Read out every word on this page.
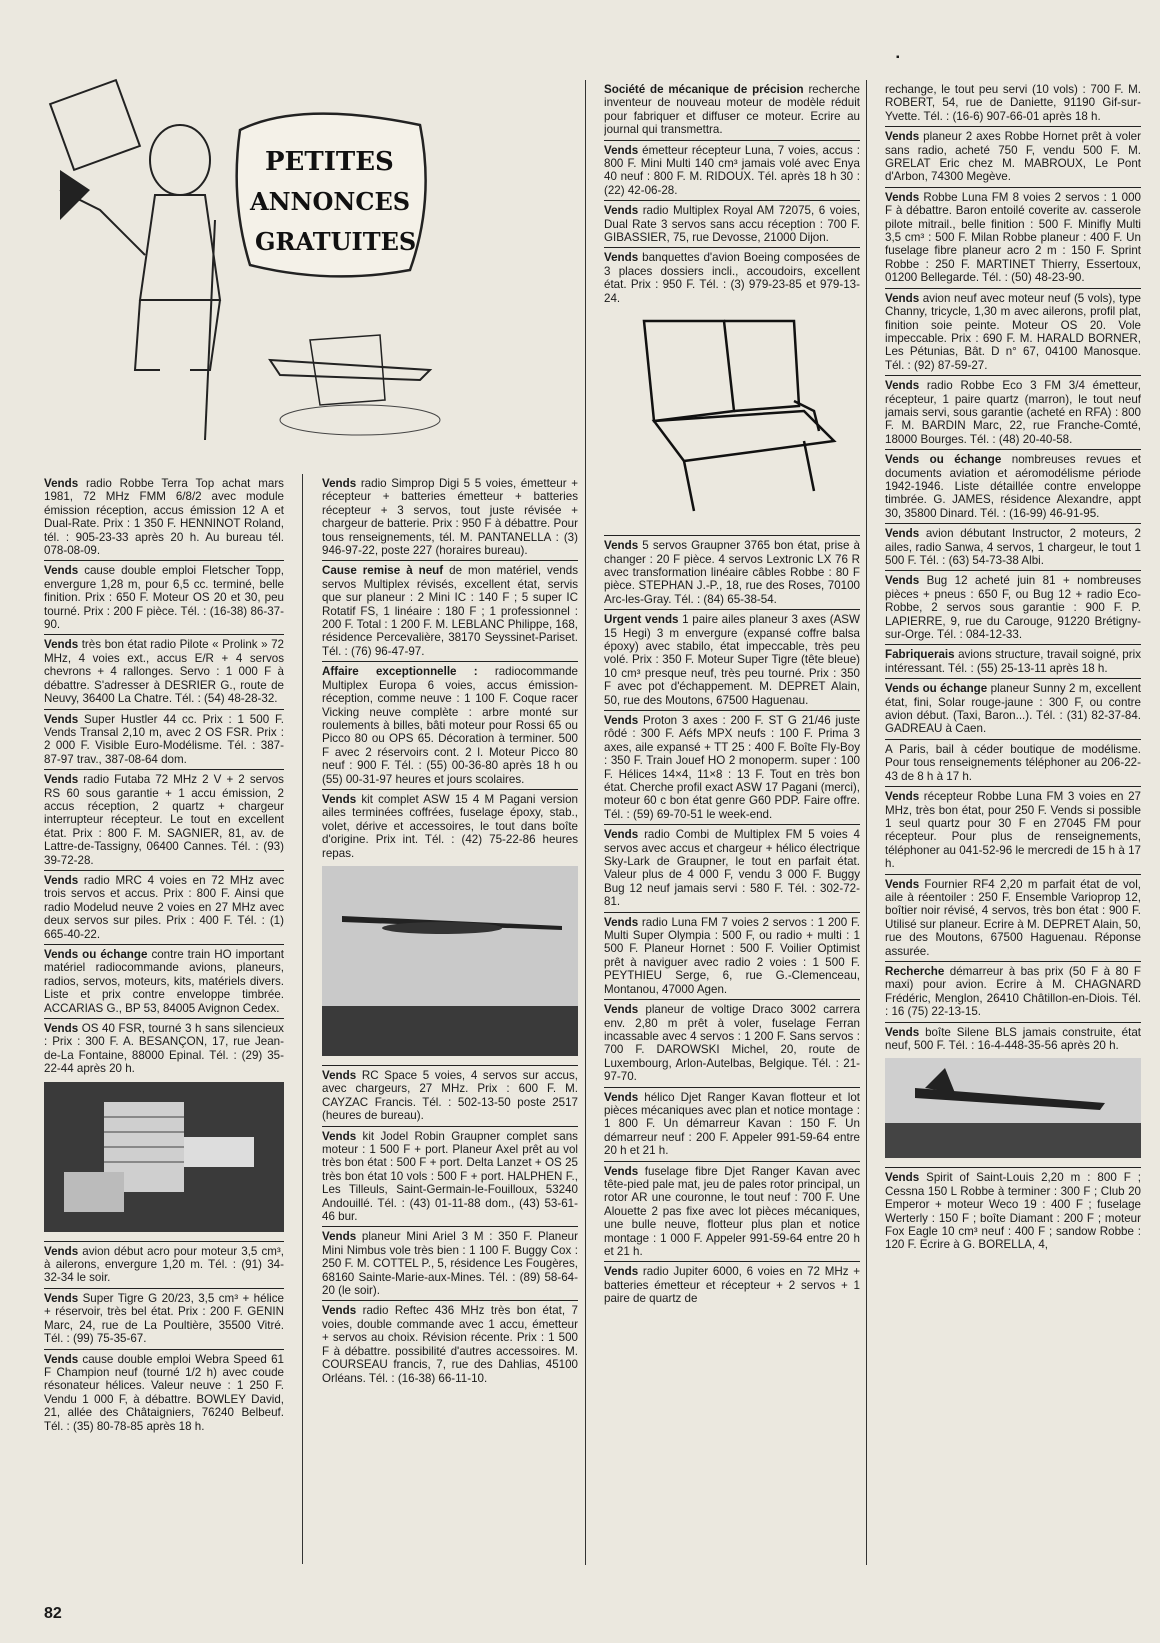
PETITES
ANNONCES
GRATUITES
Vends radio Robbe Terra Top achat mars 1981, 72 MHz FMM 6/8/2 avec module émission réception, accus émission 12 A et Dual-Rate. Prix : 1 350 F. HENNINOT Roland, tél. : 905-23-33 après 20 h. Au bureau tél. 078-08-09.
Vends cause double emploi Fletscher Topp, envergure 1,28 m, pour 6,5 cc. terminé, belle finition. Prix : 650 F. Moteur OS 20 et 30, peu tourné. Prix : 200 F pièce. Tél. : (16-38) 86-37-90.
Vends très bon état radio Pilote « Prolink » 72 MHz, 4 voies ext., accus E/R + 4 servos chevrons + 4 rallonges. Servo : 1 000 F à débattre. S'adresser à DESRIER G., route de Neuvy, 36400 La Chatre. Tél. : (54) 48-28-32.
Vends Super Hustler 44 cc. Prix : 1 500 F. Vends Transal 2,10 m, avec 2 OS FSR. Prix : 2 000 F. Visible Euro-Modélisme. Tél. : 387-87-97 trav., 387-08-64 dom.
Vends radio Futaba 72 MHz 2 V + 2 servos RS 60 sous garantie + 1 accu émission, 2 accus réception, 2 quartz + chargeur interrupteur récepteur. Le tout en excellent état. Prix : 800 F. M. SAGNIER, 81, av. de Lattre-de-Tassigny, 06400 Cannes. Tél. : (93) 39-72-28.
Vends radio MRC 4 voies en 72 MHz avec trois servos et accus. Prix : 800 F. Ainsi que radio Modelud neuve 2 voies en 27 MHz avec deux servos sur piles. Prix : 400 F. Tél. : (1) 665-40-22.
Vends ou échange contre train HO important matériel radiocommande avions, planeurs, radios, servos, moteurs, kits, matériels divers. Liste et prix contre enveloppe timbrée. ACCARIAS G., BP 53, 84005 Avignon Cedex.
Vends OS 40 FSR, tourné 3 h sans silencieux : Prix : 300 F. A. BESANÇON, 17, rue Jean-de-La Fontaine, 88000 Epinal. Tél. : (29) 35-22-44 après 20 h.
Vends avion début acro pour moteur 3,5 cm³, à ailerons, envergure 1,20 m. Tél. : (91) 34-32-34 le soir.
Vends Super Tigre G 20/23, 3,5 cm³ + hélice + réservoir, très bel état. Prix : 200 F. GENIN Marc, 24, rue de La Poultière, 35500 Vitré. Tél. : (99) 75-35-67.
Vends cause double emploi Webra Speed 61 F Champion neuf (tourné 1/2 h) avec coude résonateur hélices. Valeur neuve : 1 250 F. Vendu 1 000 F, à débattre. BOWLEY David, 21, allée des Châtaigniers, 76240 Belbeuf. Tél. : (35) 80-78-85 après 18 h.
Vends radio Simprop Digi 5 5 voies, émetteur + récepteur + batteries émetteur + batteries récepteur + 3 servos, tout juste révisée + chargeur de batterie. Prix : 950 F à débattre. Pour tous renseignements, tél. M. PANTANELLA : (3) 946-97-22, poste 227 (horaires bureau).
Cause remise à neuf de mon matériel, vends servos Multiplex révisés, excellent état, servis que sur planeur : 2 Mini IC : 140 F ; 5 super IC Rotatif FS, 1 linéaire : 180 F ; 1 professionnel : 200 F. Total : 1 200 F. M. LEBLANC Philippe, 168, résidence Percevalière, 38170 Seyssinet-Pariset. Tél. : (76) 96-47-97.
Affaire exceptionnelle : radiocommande Multiplex Europa 6 voies, accus émission-réception, comme neuve : 1 100 F. Coque racer Vicking neuve complète : arbre monté sur roulements à billes, bâti moteur pour Rossi 65 ou Picco 80 ou OPS 65. Décoration à terminer. 500 F avec 2 réservoirs cont. 2 l. Moteur Picco 80 neuf : 900 F. Tél. : (55) 00-36-80 après 18 h ou (55) 00-31-97 heures et jours scolaires.
Vends kit complet ASW 15 4 M Pagani version ailes terminées coffrées, fuselage époxy, stab., volet, dérive et accessoires, le tout dans boîte d'origine. Prix int. Tél. : (42) 75-22-86 heures repas.
Vends RC Space 5 voies, 4 servos sur accus, avec chargeurs, 27 MHz. Prix : 600 F. M. CAYZAC Francis. Tél. : 502-13-50 poste 2517 (heures de bureau).
Vends kit Jodel Robin Graupner complet sans moteur : 1 500 F + port. Planeur Axel prêt au vol très bon état : 500 F + port. Delta Lanzet + OS 25 très bon état 10 vols : 500 F + port. HALPHEN F., Les Tilleuls, Saint-Germain-le-Fouilloux, 53240 Andouillé. Tél. : (43) 01-11-88 dom., (43) 53-61-46 bur.
Vends planeur Mini Ariel 3 M : 350 F. Planeur Mini Nimbus vole très bien : 1 100 F. Buggy Cox : 250 F. M. COTTEL P., 5, résidence Les Fougères, 68160 Sainte-Marie-aux-Mines. Tél. : (89) 58-64-20 (le soir).
Vends radio Reftec 436 MHz très bon état, 7 voies, double commande avec 1 accu, émetteur + servos au choix. Révision récente. Prix : 1 500 F à débattre. possibilité d'autres accessoires. M. COURSEAU francis, 7, rue des Dahlias, 45100 Orléans. Tél. : (16-38) 66-11-10.
Société de mécanique de précision recherche inventeur de nouveau moteur de modèle réduit pour fabriquer et diffuser ce moteur. Ecrire au journal qui transmettra.
Vends émetteur récepteur Luna, 7 voies, accus : 800 F. Mini Multi 140 cm³ jamais volé avec Enya 40 neuf : 800 F. M. RIDOUX. Tél. après 18 h 30 : (22) 42-06-28.
Vends radio Multiplex Royal AM 72075, 6 voies, Dual Rate 3 servos sans accu réception : 700 F. GIBASSIER, 75, rue Devosse, 21000 Dijon.
Vends banquettes d'avion Boeing composées de 3 places dossiers incli., accoudoirs, excellent état. Prix : 950 F. Tél. : (3) 979-23-85 et 979-13-24.
Vends 5 servos Graupner 3765 bon état, prise à changer : 20 F pièce. 4 servos Lextronic LX 76 R avec transformation linéaire câbles Robbe : 80 F pièce. STEPHAN J.-P., 18, rue des Roses, 70100 Arc-les-Gray. Tél. : (84) 65-38-54.
Urgent vends 1 paire ailes planeur 3 axes (ASW 15 Hegi) 3 m envergure (expansé coffre balsa époxy) avec stabilo, état impeccable, très peu volé. Prix : 350 F. Moteur Super Tigre (tête bleue) 10 cm³ presque neuf, très peu tourné. Prix : 350 F avec pot d'échappement. M. DEPRET Alain, 50, rue des Moutons, 67500 Haguenau.
Vends Proton 3 axes : 200 F. ST G 21/46 juste rôdé : 300 F. Aéfs MPX neufs : 100 F. Prima 3 axes, aile expansé + TT 25 : 400 F. Boîte Fly-Boy : 350 F. Train Jouef HO 2 monoperm. super : 100 F. Hélices 14×4, 11×8 : 13 F. Tout en très bon état. Cherche profil exact ASW 17 Pagani (merci), moteur 60 c bon état genre G60 PDP. Faire offre. Tél. : (59) 69-70-51 le week-end.
Vends radio Combi de Multiplex FM 5 voies 4 servos avec accus et chargeur + hélico électrique Sky-Lark de Graupner, le tout en parfait état. Valeur plus de 4 000 F, vendu 3 000 F. Buggy Bug 12 neuf jamais servi : 580 F. Tél. : 302-72-81.
Vends radio Luna FM 7 voies 2 servos : 1 200 F. Multi Super Olympia : 500 F, ou radio + multi : 1 500 F. Planeur Hornet : 500 F. Voilier Optimist prêt à naviguer avec radio 2 voies : 1 500 F. PEYTHIEU Serge, 6, rue G.-Clemenceau, Montanou, 47000 Agen.
Vends planeur de voltige Draco 3002 carrera env. 2,80 m prêt à voler, fuselage Ferran incassable avec 4 servos : 1 200 F. Sans servos : 700 F. DAROWSKI Michel, 20, route de Luxembourg, Arlon-Autelbas, Belgique. Tél. : 21-97-70.
Vends hélico Djet Ranger Kavan flotteur et lot pièces mécaniques avec plan et notice montage : 1 800 F. Un démarreur Kavan : 150 F. Un démarreur neuf : 200 F. Appeler 991-59-64 entre 20 h et 21 h.
Vends fuselage fibre Djet Ranger Kavan avec tête-pied pale mat, jeu de pales rotor principal, un rotor AR une couronne, le tout neuf : 700 F. Une Alouette 2 pas fixe avec lot pièces mécaniques, une bulle neuve, flotteur plus plan et notice montage : 1 000 F. Appeler 991-59-64 entre 20 h et 21 h.
Vends radio Jupiter 6000, 6 voies en 72 MHz + batteries émetteur et récepteur + 2 servos + 1 paire de quartz de
rechange, le tout peu servi (10 vols) : 700 F. M. ROBERT, 54, rue de Daniette, 91190 Gif-sur-Yvette. Tél. : (16-6) 907-66-01 après 18 h.
Vends planeur 2 axes Robbe Hornet prêt à voler sans radio, acheté 750 F, vendu 500 F. M. GRELAT Eric chez M. MABROUX, Le Pont d'Arbon, 74300 Megève.
Vends Robbe Luna FM 8 voies 2 servos : 1 000 F à débattre. Baron entoilé coverite av. casserole pilote mitrail., belle finition : 500 F. Minifly Multi 3,5 cm³ : 500 F. Milan Robbe planeur : 400 F. Un fuselage fibre planeur acro 2 m : 150 F. Sprint Robbe : 250 F. MARTINET Thierry, Essertoux, 01200 Bellegarde. Tél. : (50) 48-23-90.
Vends avion neuf avec moteur neuf (5 vols), type Channy, tricycle, 1,30 m avec ailerons, profil plat, finition soie peinte. Moteur OS 20. Vole impeccable. Prix : 690 F. M. HARALD BORNER, Les Pétunias, Bât. D n° 67, 04100 Manosque. Tél. : (92) 87-59-27.
Vends radio Robbe Eco 3 FM 3/4 émetteur, récepteur, 1 paire quartz (marron), le tout neuf jamais servi, sous garantie (acheté en RFA) : 800 F. M. BARDIN Marc, 22, rue Franche-Comté, 18000 Bourges. Tél. : (48) 20-40-58.
Vends ou échange nombreuses revues et documents aviation et aéromodélisme période 1942-1946. Liste détaillée contre enveloppe timbrée. G. JAMES, résidence Alexandre, appt 30, 35800 Dinard. Tél. : (16-99) 46-91-95.
Vends avion débutant Instructor, 2 moteurs, 2 ailes, radio Sanwa, 4 servos, 1 chargeur, le tout 1 500 F. Tél. : (63) 54-73-38 Albi.
Vends Bug 12 acheté juin 81 + nombreuses pièces + pneus : 650 F, ou Bug 12 + radio Eco-Robbe, 2 servos sous garantie : 900 F. P. LAPIERRE, 9, rue du Carouge, 91220 Brétigny-sur-Orge. Tél. : 084-12-33.
Fabriquerais avions structure, travail soigné, prix intéressant. Tél. : (55) 25-13-11 après 18 h.
Vends ou échange planeur Sunny 2 m, excellent état, fini, Solar rouge-jaune : 300 F, ou contre avion début. (Taxi, Baron...). Tél. : (31) 82-37-84. GADREAU à Caen.
A Paris, bail à céder boutique de modélisme. Pour tous renseignements téléphoner au 206-22-43 de 8 h à 17 h.
Vends récepteur Robbe Luna FM 3 voies en 27 MHz, très bon état, pour 250 F. Vends si possible 1 seul quartz pour 30 F en 27045 FM pour récepteur. Pour plus de renseignements, téléphoner au 041-52-96 le mercredi de 15 h à 17 h.
Vends Fournier RF4 2,20 m parfait état de vol, aile à réentoiler : 250 F. Ensemble Varioprop 12, boîtier noir révisé, 4 servos, très bon état : 900 F. Utilisé sur planeur. Ecrire à M. DEPRET Alain, 50, rue des Moutons, 67500 Haguenau. Réponse assurée.
Recherche démarreur à bas prix (50 F à 80 F maxi) pour avion. Ecrire à M. CHAGNARD Frédéric, Menglon, 26410 Châtillon-en-Diois. Tél. : 16 (75) 22-13-15.
Vends boîte Silene BLS jamais construite, état neuf, 500 F. Tél. : 16-4-448-35-56 après 20 h.
Vends Spirit of Saint-Louis 2,20 m : 800 F ; Cessna 150 L Robbe à terminer : 300 F ; Club 20 Emperor + moteur Weco 19 : 400 F ; fuselage Werterly : 150 F ; boîte Diamant : 200 F ; moteur Fox Eagle 10 cm³ neuf : 400 F ; sandow Robbe : 120 F. Ecrire à G. BORELLA, 4,
▪
82
